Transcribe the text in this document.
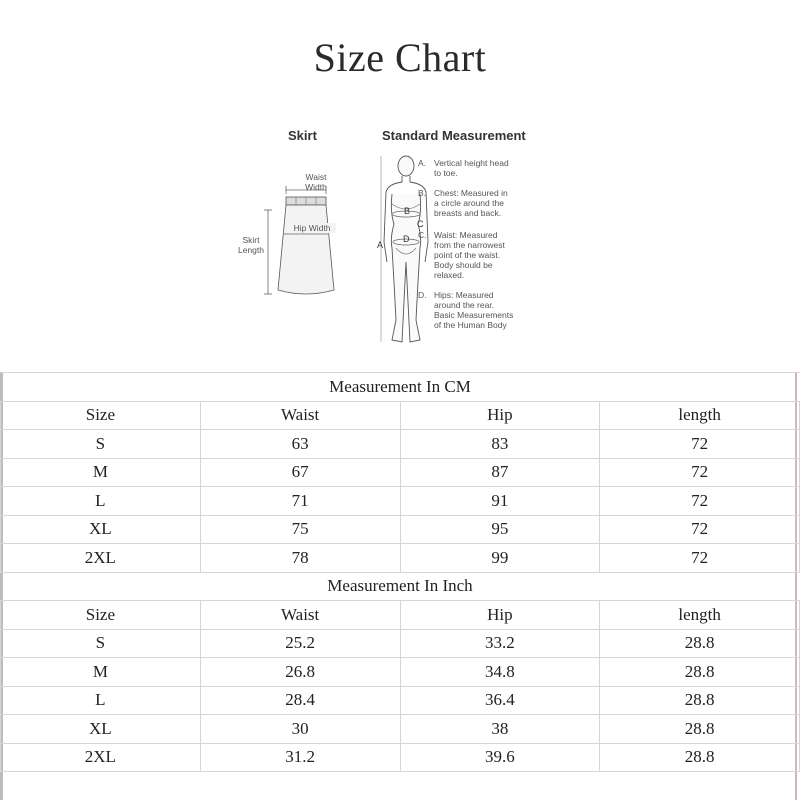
Size Chart
Skirt	Standard Measurement
Waist
Width
Hip Width
Skirt
Length	A
B
C
D
A. Vertical height head
to toe.
B. Chest: Measured in
a circle around the
breasts and back.
C. Waist: Measured
from the narrowest
point of the waist.
Body should be
relaxed.
D. Hips: Measured
around the rear.
Basic Measurements
of the Human Body
Measurement In CM			
Size	Waist	Hip	length
S	63	83	72
M	67	87	72
L	71	91	72
XL	75	95	72
2XL	78	99	72
Measurement In Inch			
Size	Waist	Hip	length
S	25.2	33.2	28.8
M	26.8	34.8	28.8
L	28.4	36.4	28.8
XL	30	38	28.8
2XL	31.2	39.6	28.8
